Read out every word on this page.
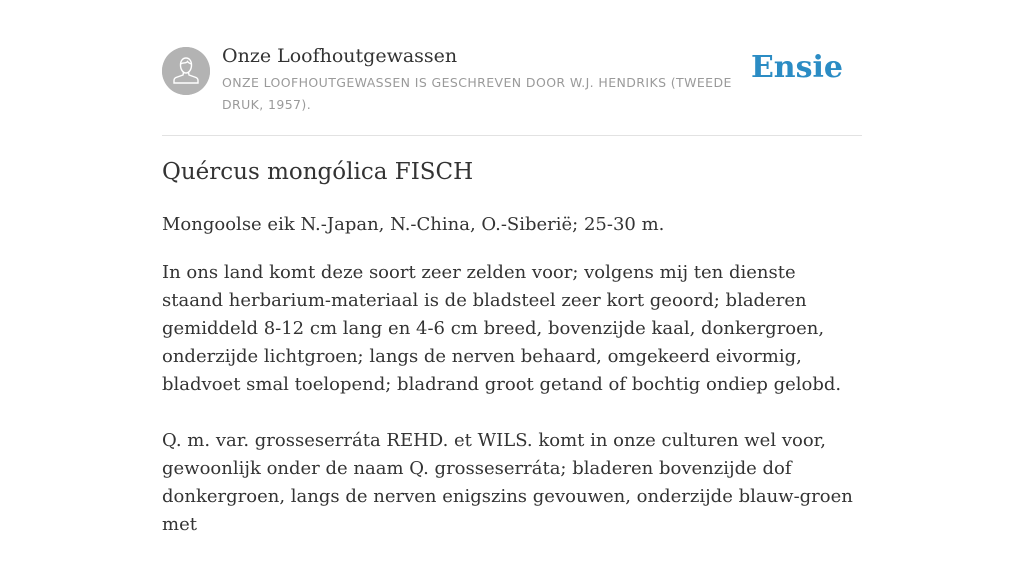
Onze Loofhoutgewassen
ONZE LOOFHOUTGEWASSEN IS GESCHREVEN DOOR W.J. HENDRIKS (TWEEDE DRUK, 1957).
Ensie
Quércus mongólica FISCH
Mongoolse eik N.-Japan, N.-China, O.-Siberië; 25-30 m.

In ons land komt deze soort zeer zelden voor; volgens mij ten dienste staand herbarium-materiaal is de bladsteel zeer kort geoord; bladeren gemiddeld 8-12 cm lang en 4-6 cm breed, bovenzijde kaal, donkergroen, onderzijde lichtgroen; langs de nerven behaard, omgekeerd eivormig, bladvoet smal toelopend; bladrand groot getand of bochtig ondiep gelobd.

Q. m. var. grosseserráta REHD. et WILS. komt in onze culturen wel voor, gewoonlijk onder de naam Q. grosseserráta; bladeren bovenzijde dof donkergroen, langs de nerven enigszins gevouwen, onderzijde blauw-groen met
